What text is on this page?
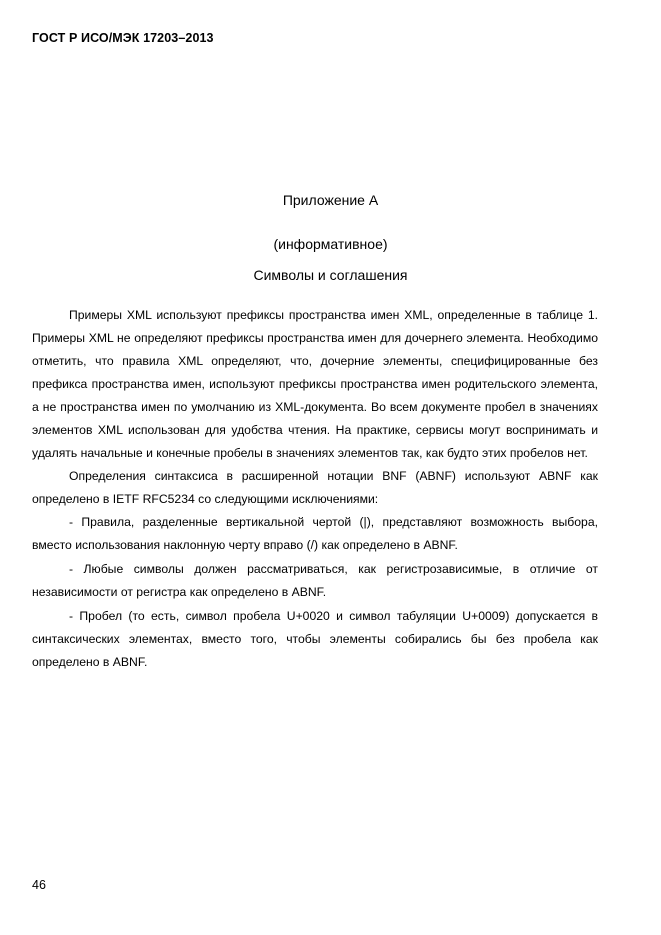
ГОСТ Р ИСО/МЭК 17203–2013
Приложение А
(информативное)
Символы и соглашения

Примеры XML используют префиксы пространства имен XML, определенные в таблице 1. Примеры XML не определяют префиксы пространства имен для дочернего элемента. Необходимо отметить, что правила XML определяют, что, дочерние элементы, специфицированные без префикса пространства имен, используют префиксы пространства имен родительского элемента, а не пространства имен по умолчанию из XML-документа. Во всем документе пробел в значениях элементов XML использован для удобства чтения. На практике, сервисы могут воспринимать и удалять начальные и конечные пробелы в значениях элементов так, как будто этих пробелов нет.

Определения синтаксиса в расширенной нотации BNF (ABNF) используют ABNF как определено в IETF RFC5234 со следующими исключениями:

- Правила, разделенные вертикальной чертой (|), представляют возможность выбора, вместо использования наклонную черту вправо (/) как определено в ABNF.

- Любые символы должен рассматриваться, как регистрозависимые, в отличие от независимости от регистра как определено в ABNF.

- Пробел (то есть, символ пробела U+0020 и символ табуляции U+0009) допускается в синтаксических элементах, вместо того, чтобы элементы собирались бы без пробела как определено в ABNF.

46
